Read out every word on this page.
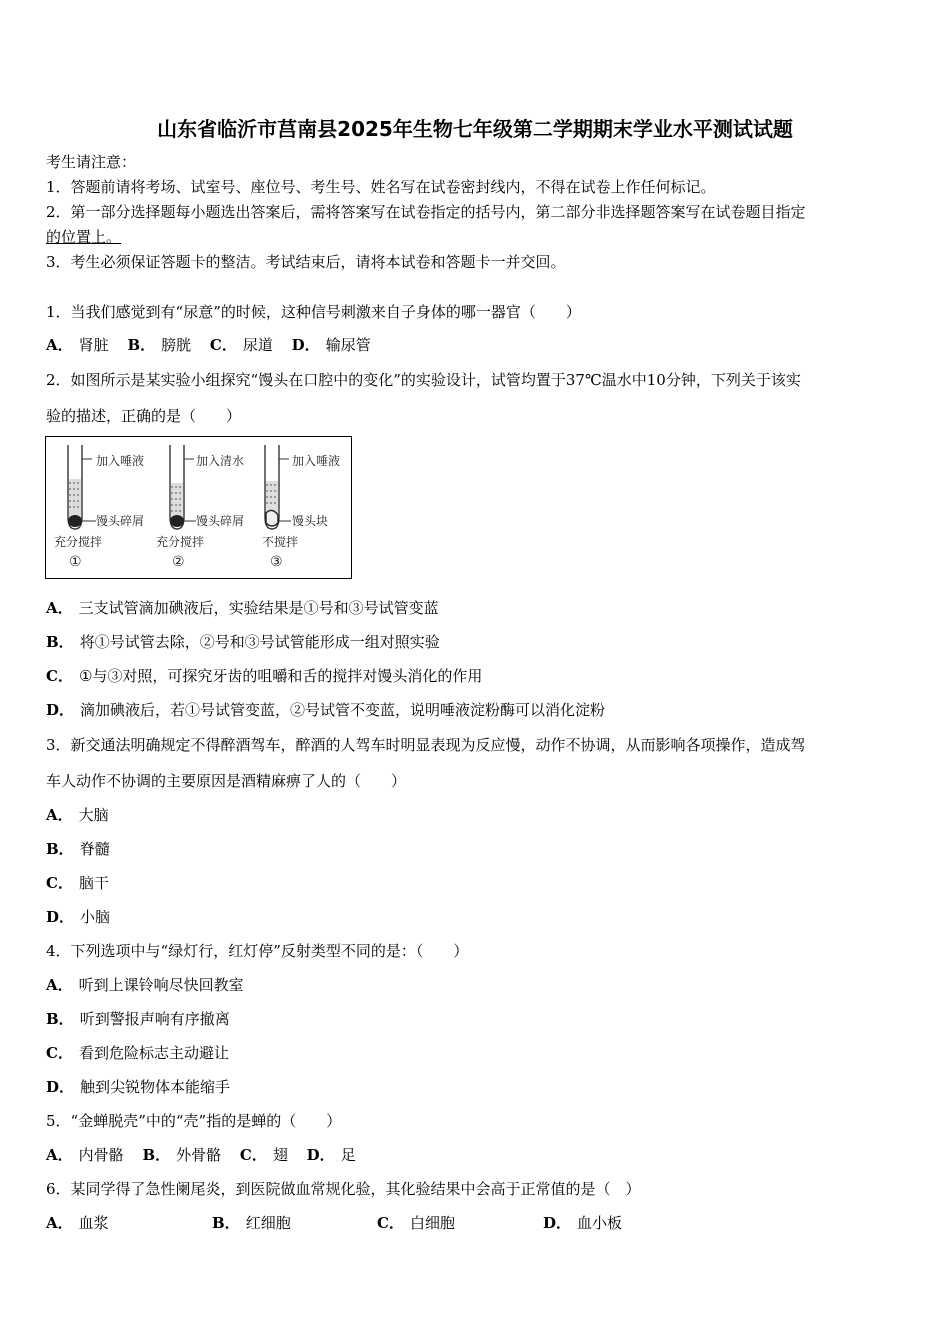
山东省临沂市莒南县2025年生物七年级第二学期期末学业水平测试试题
考生请注意：
1．答题前请将考场、试室号、座位号、考生号、姓名写在试卷密封线内，不得在试卷上作任何标记。
2．第一部分选择题每小题选出答案后，需将答案写在试卷指定的括号内，第二部分非选择题答案写在试卷题目指定
的位置上。
3．考生必须保证答题卡的整洁。考试结束后，请将本试卷和答题卡一并交回。
1．当我们感觉到有“尿意”的时候，这种信号刺激来自子身体的哪一器官（　　）
A． 肾脏 B． 膀胱 C． 尿道 D． 输尿管
2．如图所示是某实验小组探究“馒头在口腔中的变化”的实验设计，试管均置于37℃温水中10分钟，下列关于该实
验的描述，正确的是（　　）
加入唾液
馒头碎屑
充分搅拌
①
加入清水
馒头碎屑
充分搅拌
②
加入唾液
馒头块
不搅拌
③
A． 三支试管滴加碘液后，实验结果是①号和③号试管变蓝
B． 将①号试管去除，②号和③号试管能形成一组对照实验
C． ①与③对照，可探究牙齿的咀嚼和舌的搅拌对馒头消化的作用
D． 滴加碘液后，若①号试管变蓝，②号试管不变蓝，说明唾液淀粉酶可以消化淀粉
3．新交通法明确规定不得醉酒驾车，醉酒的人驾车时明显表现为反应慢，动作不协调，从而影响各项操作，造成驾
车人动作不协调的主要原因是酒精麻痹了人的（　　）
A． 大脑
B． 脊髓
C． 脑干
D． 小脑
4．下列选项中与“绿灯行，红灯停”反射类型不同的是：（　　）
A． 听到上课铃响尽快回教室
B． 听到警报声响有序撤离
C． 看到危险标志主动避让
D． 触到尖锐物体本能缩手
5．“金蝉脱壳”中的“壳”指的是蝉的（　　）
A． 内骨骼 B． 外骨骼 C． 翅 D． 足
6．某同学得了急性阑尾炎，到医院做血常规化验，其化验结果中会高于正常值的是（　）
A． 血浆	B． 红细胞	C． 白细胞	D． 血小板
